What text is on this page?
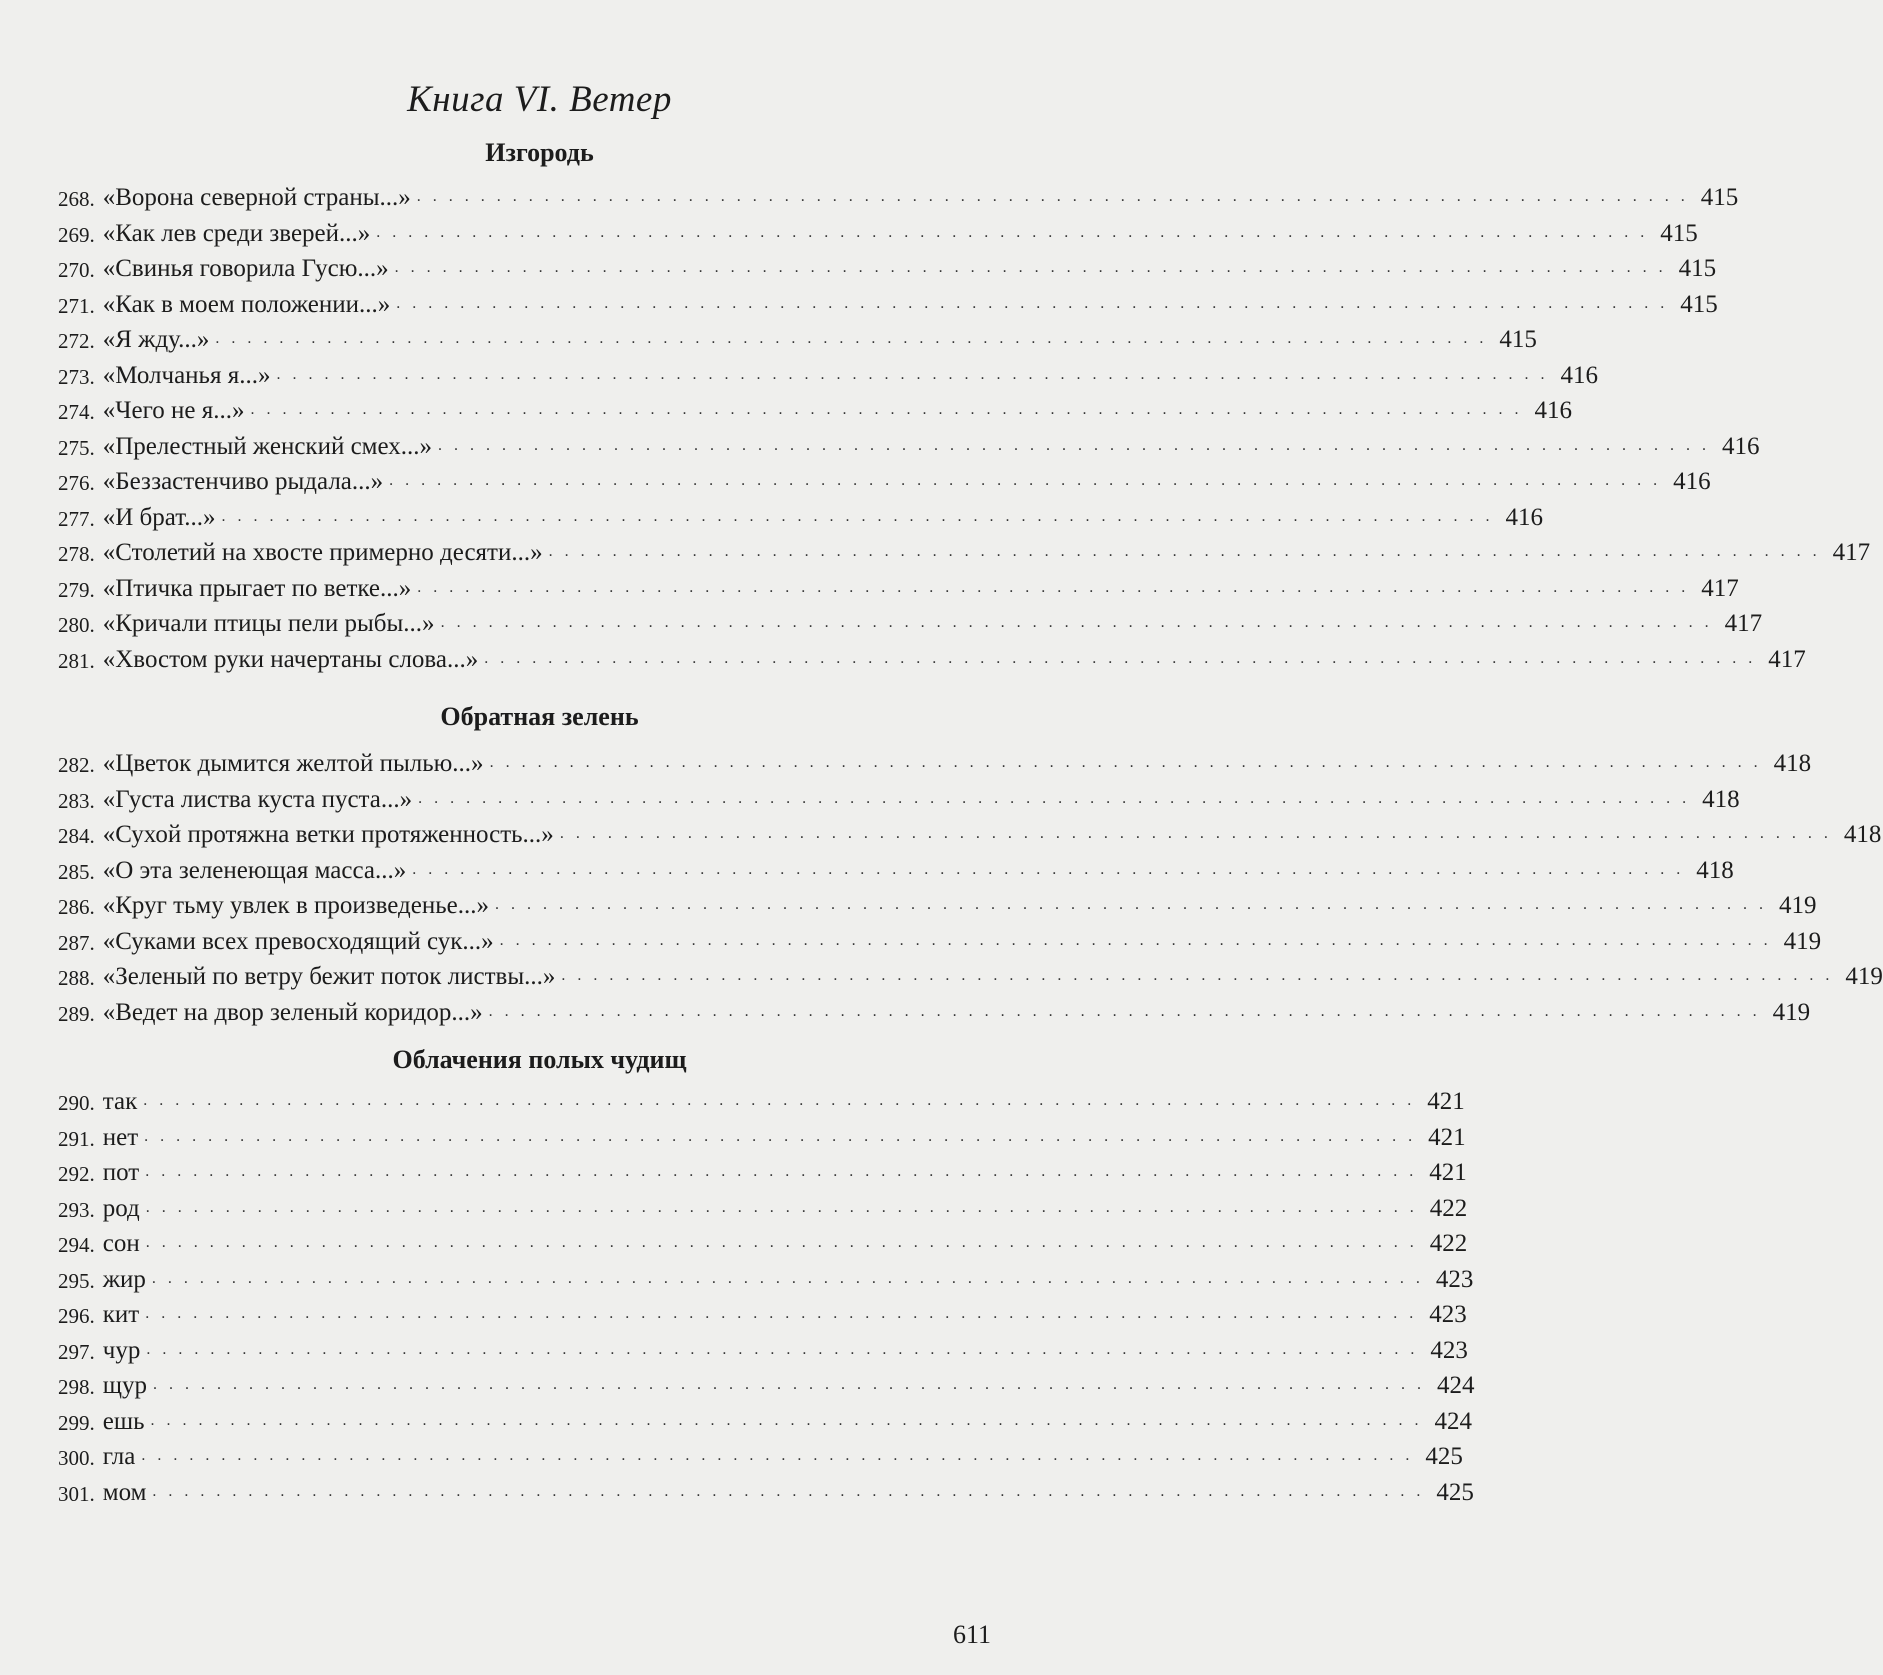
Книга VI. Ветер
Изгородь
268. «Ворона северной страны...» ................................................................................ 415
269. «Как лев среди зверей...» ................................................................................ 415
270. «Свинья говорила Гусю...» ................................................................................ 415
271. «Как в моем положении...» ................................................................................ 415
272. «Я жду...» ................................................................................ 415
273. «Молчанья я...» ................................................................................ 416
274. «Чего не я...» ................................................................................ 416
275. «Прелестный женский смех...» ................................................................................ 416
276. «Беззастенчиво рыдала...» ................................................................................ 416
277. «И брат...» ................................................................................ 416
278. «Столетий на хвосте примерно десяти...» ................................................................................ 417
279. «Птичка прыгает по ветке...» ................................................................................ 417
280. «Кричали птицы пели рыбы...» ................................................................................ 417
281. «Хвостом руки начертаны слова...» ................................................................................ 417
Обратная зелень
282. «Цветок дымится желтой пылью...» ................................................................................ 418
283. «Густа листва куста пуста...» ................................................................................ 418
284. «Сухой протяжна ветки протяженность...» ................................................................................ 418
285. «О эта зеленеющая масса...» ................................................................................ 418
286. «Круг тьму увлек в произведенье...» ................................................................................ 419
287. «Суками всех превосходящий сук...» ................................................................................ 419
288. «Зеленый по ветру бежит поток листвы...» ................................................................................ 419
289. «Ведет на двор зеленый коридор...» ................................................................................ 419
Облачения полых чудищ
290. так ................................................................................ 421
291. нет ................................................................................ 421
292. пот ................................................................................ 421
293. род ................................................................................ 422
294. сон ................................................................................ 422
295. жир ................................................................................ 423
296. кит ................................................................................ 423
297. чур ................................................................................ 423
298. щур ................................................................................ 424
299. ешь ................................................................................ 424
300. гла ................................................................................ 425
301. мом ................................................................................ 425
611
